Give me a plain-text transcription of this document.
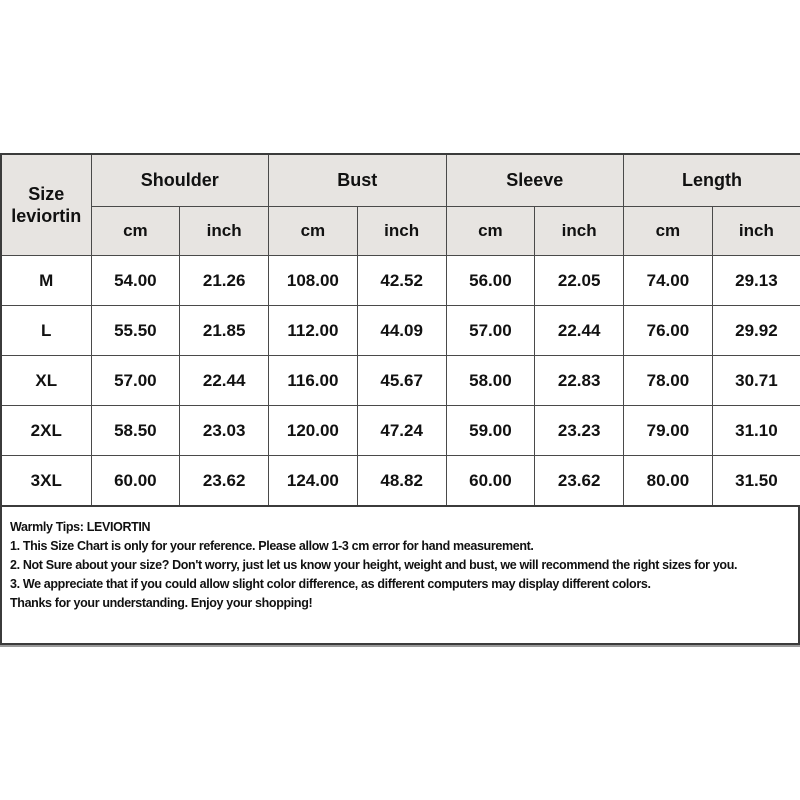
Size
leviortin	Shoulder		Bust		Sleeve		Length	
	cm	inch	cm	inch	cm	inch	cm	inch
M	54.00	21.26	108.00	42.52	56.00	22.05	74.00	29.13
L	55.50	21.85	112.00	44.09	57.00	22.44	76.00	29.92
XL	57.00	22.44	116.00	45.67	58.00	22.83	78.00	30.71
2XL	58.50	23.03	120.00	47.24	59.00	23.23	79.00	31.10
3XL	60.00	23.62	124.00	48.82	60.00	23.62	80.00	31.50
Warmly Tips: LEVIORTIN
1. This Size Chart is only for your reference. Please allow 1-3 cm error for hand measurement.
2. Not Sure about your size? Don't worry, just let us know your height, weight and bust, we will recommend the right sizes for you.
3. We appreciate that if you could allow slight color difference, as different computers may display different colors.
Thanks for your understanding. Enjoy your shopping!
